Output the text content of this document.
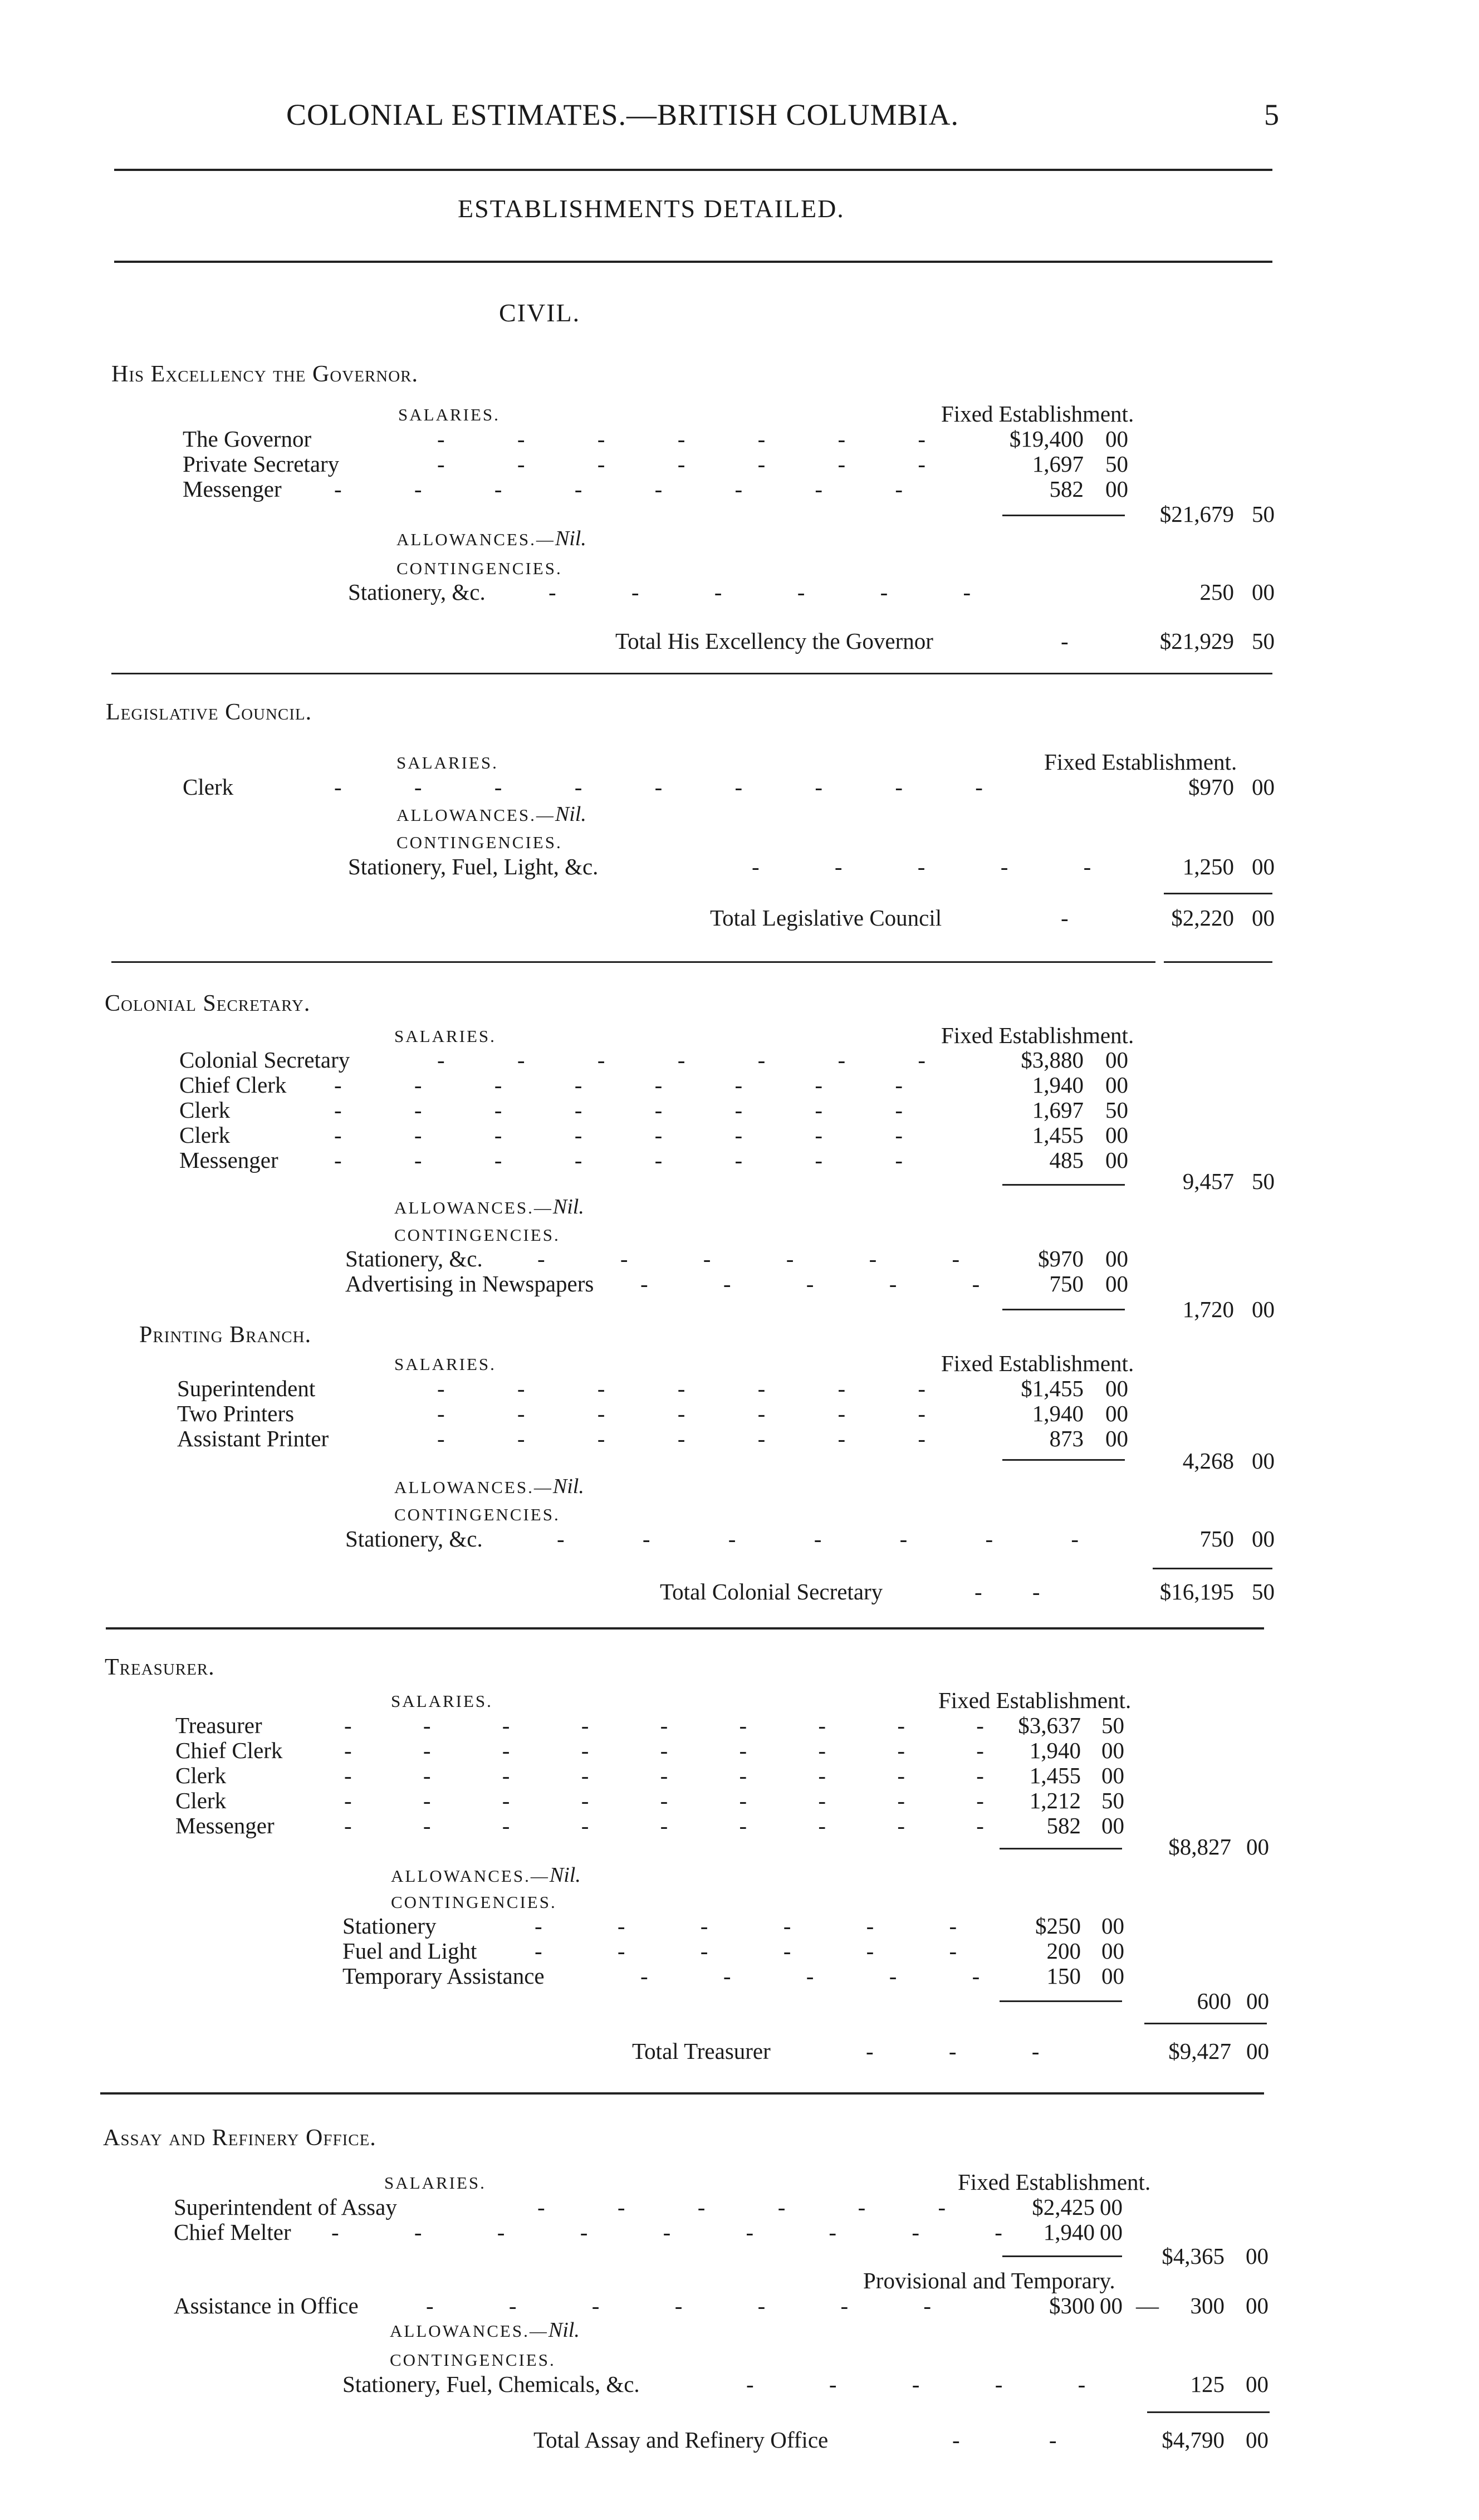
COLONIAL ESTIMATES.—BRITISH COLUMBIA.	5
ESTABLISHMENTS DETAILED.
CIVIL.
His Excellency the Governor.
SALARIES.	Fixed Establishment.
The Governor	- - - - - - -	$19,400 00
Private Secretary	- - - - - - -	1,697 50
Messenger - - - - - - - -	582 00
$21,679 50
ALLOWANCES.—Nil.
CONTINGENCIES.
Stationery, &c.	- - - - - -	250 00
Total His Excellency the Governor	-	$21,929 50
Legislative Council.
SALARIES.	Fixed Establishment.
Clerk	- - - - - - - - -	$970 00
ALLOWANCES.—Nil.
CONTINGENCIES.
Stationery, Fuel, Light, &c.	- - - - -	1,250 00
Total Legislative Council	-	$2,220 00
Colonial Secretary.
SALARIES.	Fixed Establishment.
Colonial Secretary	- - - - - - -	$3,880 00
Chief Clerk - - - - - - - -	1,940 00
Clerk	- - - - - - - -	1,697 50
Clerk	- - - - - - - -	1,455 00
Messenger - - - - - - - -	485 00
9,457 50
ALLOWANCES.—Nil.
CONTINGENCIES.
Stationery, &c. - - - - - -	$970 00
Advertising in Newspapers - - - - -	750 00
1,720 00
Printing Branch.
SALARIES.	Fixed Establishment.
Superintendent	- - - - - - -	$1,455 00
Two Printers	- - - - - - -	1,940 00
Assistant Printer	- - - - - - -	873 00
4,268 00
ALLOWANCES.—Nil.
CONTINGENCIES.
Stationery, &c.	- - - - - - -	750 00
Total Colonial Secretary	- -	$16,195 50
Treasurer.
SALARIES.	Fixed Establishment.
Treasurer	- - - - - - - - - $3,637 50
Chief Clerk	- - - - - - - - - 1,940 00
Clerk	- - - - - - - - - 1,455 00
Clerk	- - - - - - - - - 1,212 50
Messenger	- - - - - - - - -	582 00
$8,827 00
ALLOWANCES.—Nil.
CONTINGENCIES.
Stationery	- - - - - -	$250 00
Fuel and Light	- - - - - -	200 00
Temporary Assistance	- - - - -	150 00
600 00
Total Treasurer	- - -	$9,427 00
Assay and Refinery Office.
SALARIES.	Fixed Establishment.
Superintendent of Assay	- - - - - -	$2,425 00
Chief Melter - - - - - - - - - 1,940 00
$4,365 00
Provisional and Temporary.
Assistance in Office	- - - - - - -	$300 00 — 300 00
ALLOWANCES.—Nil.
CONTINGENCIES.
Stationery, Fuel, Chemicals, &c.	- - - - -	125 00
Total Assay and Refinery Office	- -	$4,790 00
